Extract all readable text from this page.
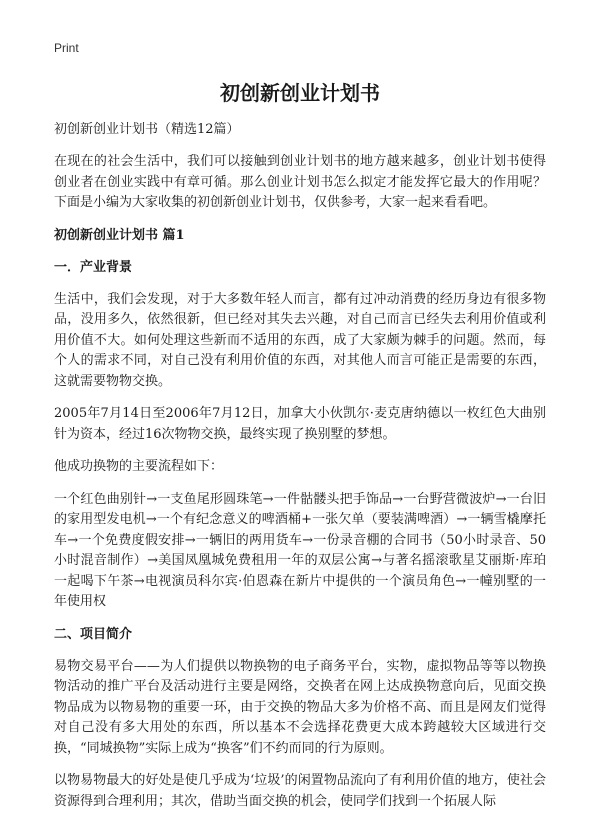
Print
初创新创业计划书
初创新创业计划书（精选12篇）

在现在的社会生活中，我们可以接触到创业计划书的地方越来越多，创业计划书使得创业者在创业实践中有章可循。那么创业计划书怎么拟定才能发挥它最大的作用呢？下面是小编为大家收集的初创新创业计划书，仅供参考，大家一起来看看吧。

初创新创业计划书 篇1
一．产业背景

生活中，我们会发现，对于大多数年轻人而言，都有过冲动消费的经历身边有很多物品，没用多久，依然很新，但已经对其失去兴趣，对自己而言已经失去利用价值或利用价值不大。如何处理这些新而不适用的东西，成了大家颇为棘手的问题。然而，每个人的需求不同，对自己没有利用价值的东西，对其他人而言可能正是需要的东西，这就需要物物交换。

2005年7月14日至2006年7月12日，加拿大小伙凯尔·麦克唐纳德以一枚红色大曲别针为资本，经过16次物物交换，最终实现了换别墅的梦想。

他成功换物的主要流程如下：

一个红色曲别针→一支鱼尾形圆珠笔→一件骷髅头把手饰品→一台野营微波炉→一台旧的家用型发电机→一个有纪念意义的啤酒桶+一张欠单（要装满啤酒）→一辆雪橇摩托车→一个免费度假安排→一辆旧的两用货车→一份录音棚的合同书（50小时录音、50小时混音制作）→美国凤凰城免费租用一年的双层公寓→与著名摇滚歌星艾丽斯·库珀一起喝下午茶→电视演员科尔宾·伯恩森在新片中提供的一个演员角色→一幢别墅的一年使用权

二、项目简介

易物交易平台——为人们提供以物换物的电子商务平台，实物，虚拟物品等等以物换物活动的推广平台及活动进行主要是网络，交换者在网上达成换物意向后，见面交换物品成为以物易物的重要一环，由于交换的物品大多为价格不高、而且是网友们觉得对自己没有多大用处的东西，所以基本不会选择花费更大成本跨越较大区域进行交换，“同城换物”实际上成为“换客”们不约而同的行为原则。

以物易物最大的好处是使几乎成为‘垃圾’的闲置物品流向了有利用价值的地方，使社会资源得到合理利用；其次，借助当面交换的机会，使同学们找到一个拓展人际
